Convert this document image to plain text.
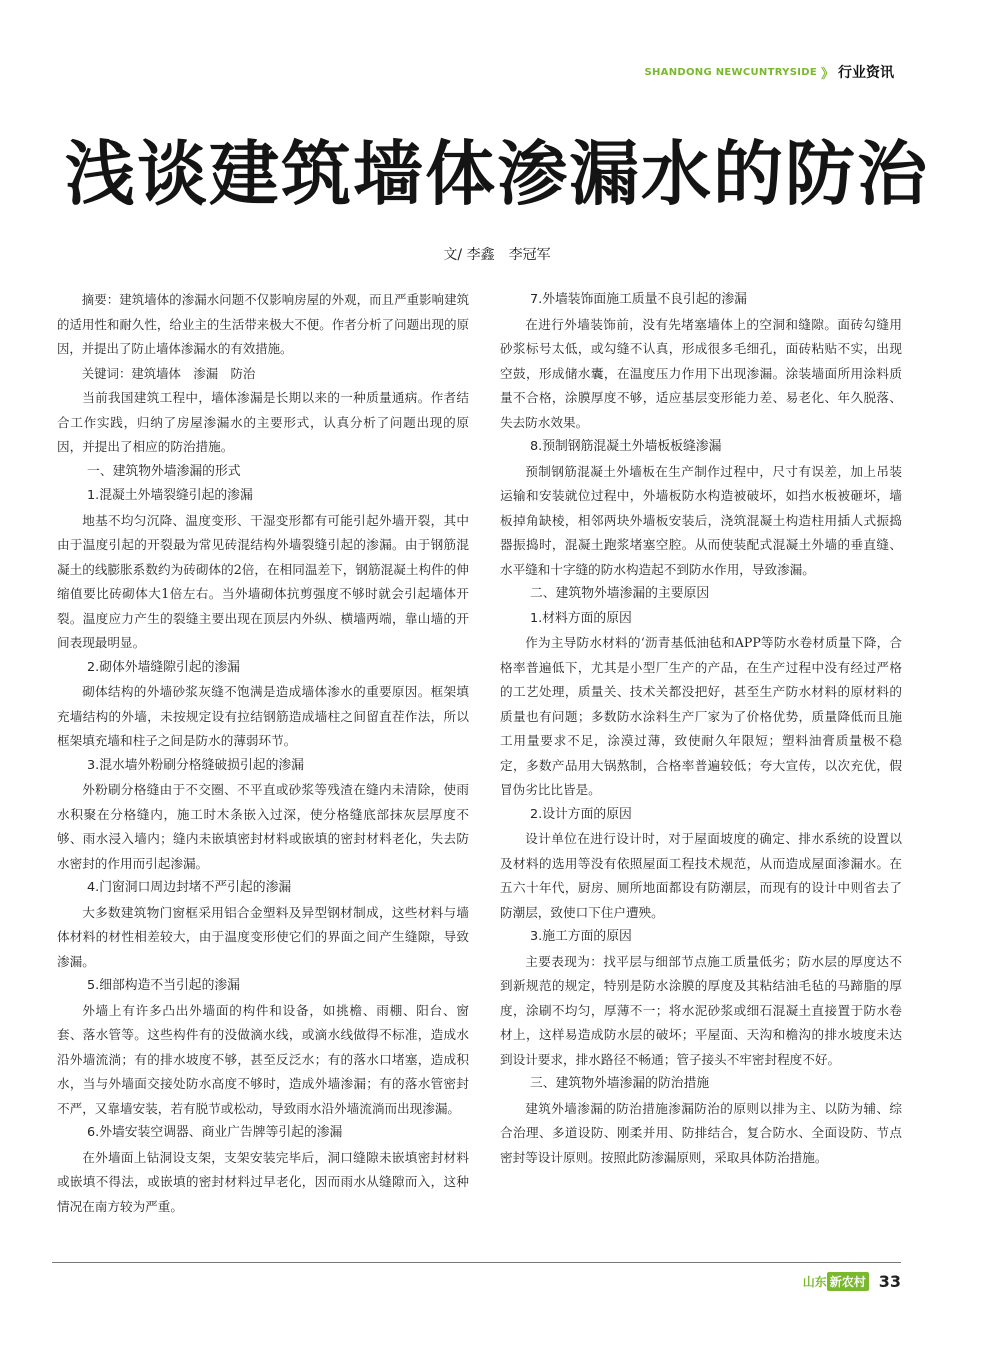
SHANDONG NEWCUNTRYSIDE 》 行业资讯
浅谈建筑墙体渗漏水的防治
文/ 李鑫 李冠军

摘要：建筑墙体的渗漏水问题不仅影响房屋的外观，而且严重影响建筑的适用性和耐久性，给业主的生活带来极大不便。作者分析了问题出现的原因，并提出了防止墙体渗漏水的有效措施。

关键词：建筑墙体　渗漏　防治

当前我国建筑工程中，墙体渗漏是长期以来的一种质量通病。作者结合工作实践，归纳了房屋渗漏水的主要形式，认真分析了问题出现的原因，并提出了相应的防治措施。

一、建筑物外墙渗漏的形式
1.混凝土外墙裂缝引起的渗漏

地基不均匀沉降、温度变形、干湿变形都有可能引起外墙开裂，其中由于温度引起的开裂最为常见砖混结构外墙裂缝引起的渗漏。由于钢筋混凝土的线膨胀系数约为砖砌体的2倍，在相同温差下，钢筋混凝土构件的伸缩值要比砖砌体大1倍左右。当外墙砌体抗剪强度不够时就会引起墙体开裂。温度应力产生的裂缝主要出现在顶层内外纵、横墙两端，靠山墙的开间表现最明显。

2.砌体外墙缝隙引起的渗漏

砌体结构的外墙砂浆灰缝不饱满是造成墙体渗水的重要原因。框架填充墙结构的外墙，未按规定设有拉结钢筋造成墙柱之间留直茬作法，所以框架填充墙和柱子之间是防水的薄弱环节。

3.混水墙外粉刷分格缝破损引起的渗漏

外粉刷分格缝由于不交圈、不平直或砂浆等残渣在缝内未清除，使雨水积聚在分格缝内，施工时木条嵌入过深，使分格缝底部抹灰层厚度不够、雨水浸入墙内；缝内未嵌填密封材料或嵌填的密封材料老化，失去防水密封的作用而引起渗漏。

4.门窗洞口周边封堵不严引起的渗漏

大多数建筑物门窗框采用铝合金塑料及异型钢材制成，这些材料与墙体材料的材性相差较大，由于温度变形使它们的界面之间产生缝隙，导致渗漏。

5.细部构造不当引起的渗漏

外墙上有许多凸出外墙面的构件和设备，如挑檐、雨棚、阳台、窗套、落水管等。这些构件有的没做滴水线，或滴水线做得不标准，造成水沿外墙流淌；有的排水坡度不够，甚至反泛水；有的落水口堵塞，造成积水，当与外墙面交接处防水高度不够时，造成外墙渗漏；有的落水管密封不严，又靠墙安装，若有脱节或松动，导致雨水沿外墙流淌而出现渗漏。

6.外墙安装空调器、商业广告牌等引起的渗漏

在外墙面上钻洞设支架，支架安装完毕后，洞口缝隙未嵌填密封材料或嵌填不得法，或嵌填的密封材料过早老化，因而雨水从缝隙而入，这种情况在南方较为严重。

7.外墙装饰面施工质量不良引起的渗漏

在进行外墙装饰前，没有先堵塞墙体上的空洞和缝隙。面砖勾缝用砂浆标号太低，或勾缝不认真，形成很多毛细孔，面砖粘贴不实，出现空鼓，形成储水囊，在温度压力作用下出现渗漏。涂装墙面所用涂料质量不合格，涂膜厚度不够，适应基层变形能力差、易老化、年久脱落、失去防水效果。

8.预制钢筋混凝土外墙板板缝渗漏

预制钢筋混凝土外墙板在生产制作过程中，尺寸有误差，加上吊装运输和安装就位过程中，外墙板防水构造被破坏，如挡水板被砸坏，墙板掉角缺棱，相邻两块外墙板安装后，浇筑混凝土构造柱用插人式振捣器振捣时，混凝土跑浆堵塞空腔。从而使装配式混凝土外墙的垂直缝、水平缝和十字缝的防水构造起不到防水作用，导致渗漏。

二、建筑物外墙渗漏的主要原因
1.材料方面的原因

作为主导防水材料的‘沥青基低油毡和APP等防水卷材质量下降，合格率普遍低下，尤其是小型厂生产的产品，在生产过程中没有经过严格的工艺处理，质量关、技术关都没把好，甚至生产防水材料的原材料的质量也有问题；多数防水涂料生产厂家为了价格优势，质量降低而且施工用量要求不足，涂漠过薄，致使耐久年限短；塑料油膏质量极不稳定，多数产品用大锅熬制，合格率普遍较低；夸大宣传，以次充优，假冒伪劣比比皆是。

2.设计方面的原因

设计单位在进行设计时，对于屋面坡度的确定、排水系统的设置以及材料的选用等没有依照屋面工程技术规范，从而造成屋面渗漏水。在五六十年代，厨房、厕所地面都设有防潮层，而现有的设计中则省去了防潮层，致使口下住户遭殃。

3.施工方面的原因

主要表现为：找平层与细部节点施工质量低劣；防水层的厚度达不到新规范的规定，特别是防水涂膜的厚度及其粘结油毛毡的马蹄脂的厚度，涂刷不均匀，厚薄不一；将水泥砂浆或细石混凝土直接置于防水卷材上，这样易造成防水层的破坏；平屋面、天沟和檐沟的排水坡度未达到设计要求，排水路径不畅通；管子接头不牢密封程度不好。

三、建筑物外墙渗漏的防治措施

建筑外墙渗漏的防治措施渗漏防治的原则以排为主、以防为辅、综合治理、多道设防、刚柔并用、防排结合，复合防水、全面设防、节点密封等设计原则。按照此防渗漏原则，采取具体防治措施。

山东 新农村 33
